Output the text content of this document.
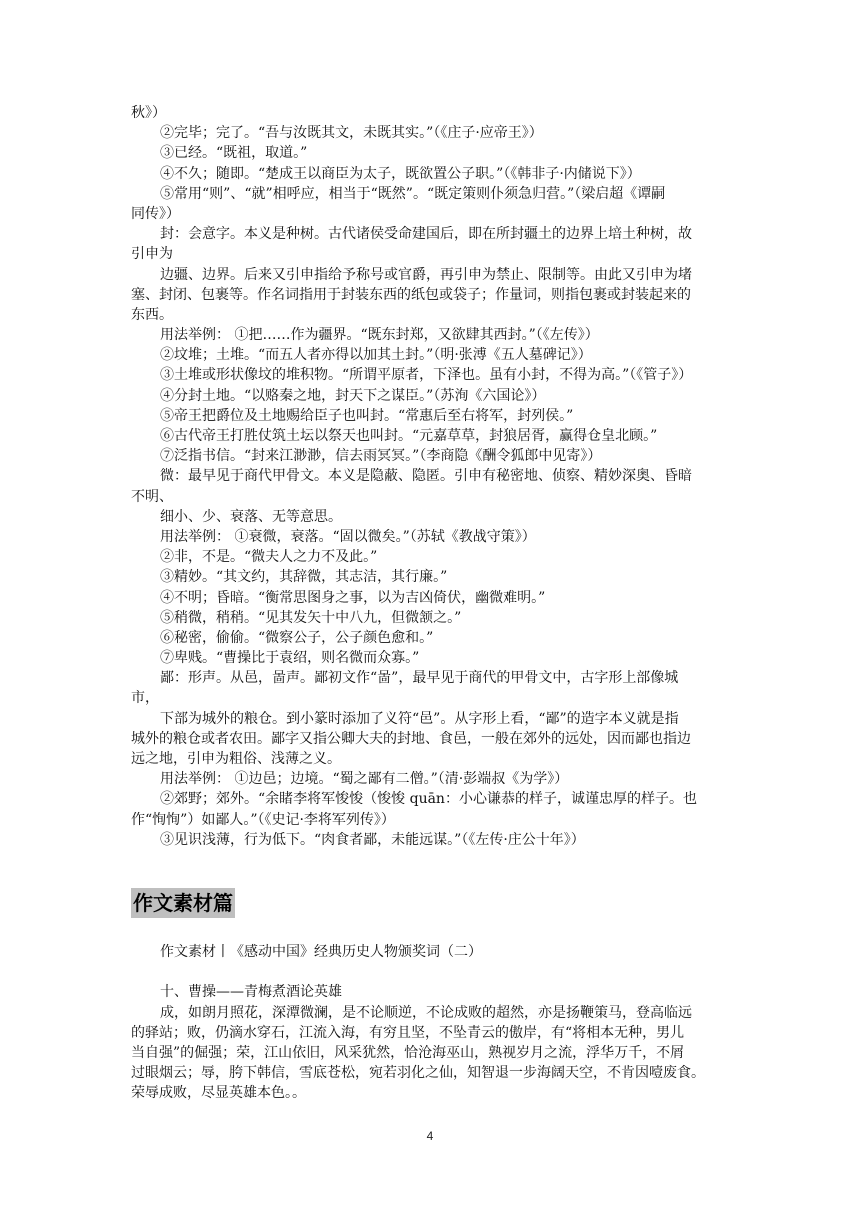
秋》）
②完毕；完了。“吾与汝既其文，未既其实。”（《庄子·应帝王》）
③已经。“既祖，取道。”
④不久；随即。“楚成王以商臣为太子，既欲置公子职。”（《韩非子·内储说下》）
⑤常用“则”、“就”相呼应，相当于“既然”。“既定策则仆须急归营。”（梁启超《谭嗣
同传》）
封：会意字。本义是种树。古代诸侯受命建国后，即在所封疆土的边界上培土种树，故
引申为
边疆、边界。后来又引申指给予称号或官爵，再引申为禁止、限制等。由此又引申为堵
塞、封闭、包裹等。作名词指用于封装东西的纸包或袋子；作量词，则指包裹或封装起来的
东西。
用法举例： ①把……作为疆界。“既东封郑，又欲肆其西封。”（《左传》）
②坟堆；土堆。“而五人者亦得以加其土封。”（明·张溥《五人墓碑记》）
③土堆或形状像坟的堆积物。“所谓平原者，下泽也。虽有小封，不得为高。”（《管子》）
④分封土地。“以赂秦之地，封天下之谋臣。”（苏洵《六国论》）
⑤帝王把爵位及土地赐给臣子也叫封。“常惠后至右将军，封列侯。”
⑥古代帝王打胜仗筑土坛以祭天也叫封。“元嘉草草，封狼居胥，赢得仓皇北顾。”
⑦泛指书信。“封来江渺渺，信去雨冥冥。”（李商隐《酬令狐郎中见寄》）
微：最早见于商代甲骨文。本义是隐蔽、隐匿。引申有秘密地、侦察、精妙深奥、昏暗
不明、
细小、少、衰落、无等意思。
用法举例： ①衰微，衰落。“固以微矣。”（苏轼《教战守策》）
②非，不是。“微夫人之力不及此。”
③精妙。“其文约，其辞微，其志洁，其行廉。”
④不明；昏暗。“衡常思图身之事，以为吉凶倚伏，幽微难明。”
⑤稍微，稍稍。“见其发矢十中八九，但微颔之。”
⑥秘密，偷偷。“微察公子，公子颜色愈和。”
⑦卑贱。“曹操比于袁绍，则名微而众寡。”
鄙：形声。从邑，啚声。鄙初文作“啚”，最早见于商代的甲骨文中，古字形上部像城
市，
下部为城外的粮仓。到小篆时添加了义符“邑”。从字形上看，“鄙”的造字本义就是指
城外的粮仓或者农田。鄙字又指公卿大夫的封地、食邑，一般在郊外的远处，因而鄙也指边
远之地，引申为粗俗、浅薄之义。
用法举例： ①边邑；边境。“蜀之鄙有二僧。”（清·彭端叔《为学》）
②郊野；郊外。“余睹李将军悛悛（悛悛 quān：小心谦恭的样子，诚谨忠厚的样子。也
作“恂恂”）如鄙人。”（《史记·李将军列传》）
③见识浅薄，行为低下。“肉食者鄙，未能远谋。”（《左传·庄公十年》）
作文素材篇
作文素材丨《感动中国》经典历史人物颁奖词（二）
十、曹操——青梅煮酒论英雄
成，如朗月照花，深潭微澜，是不论顺逆，不论成败的超然，亦是扬鞭策马，登高临远
的驿站；败，仍滴水穿石，江流入海，有穷且坚，不坠青云的傲岸，有“将相本无种，男儿
当自强”的倔强；荣，江山依旧，风采犹然，恰沧海巫山，熟视岁月之流，浮华万千，不屑
过眼烟云；辱，胯下韩信，雪底苍松，宛若羽化之仙，知智退一步海阔天空，不肯因噎废食。
荣辱成败，尽显英雄本色。。
4
